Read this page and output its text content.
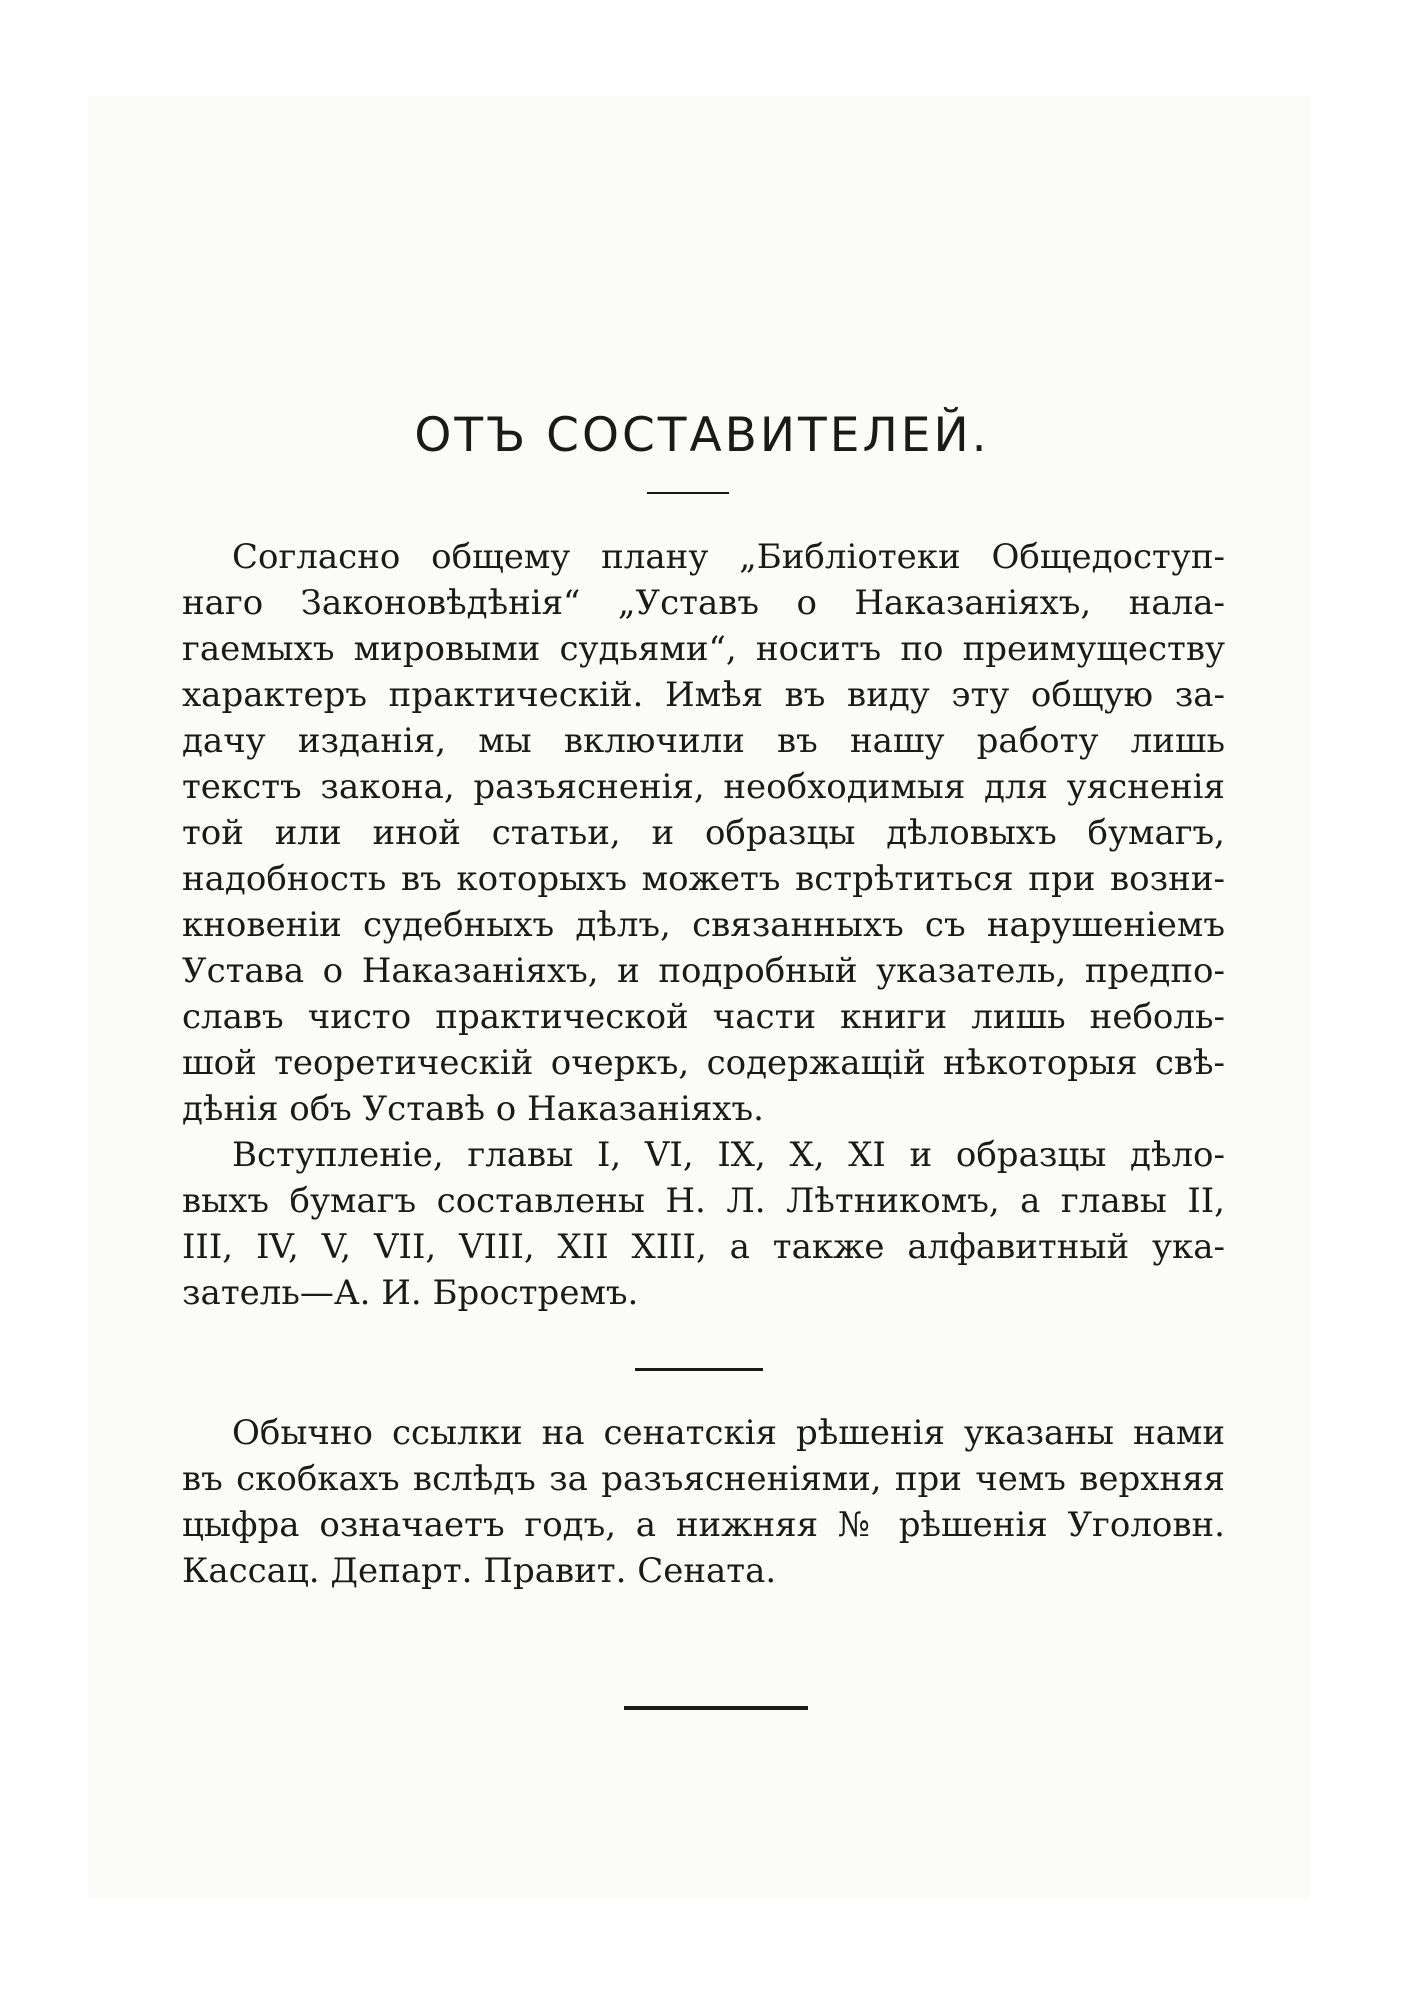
ОТЪ СОСТАВИТЕЛЕЙ.
Согласно общему плану „Библіотеки Общедоступ-
наго Законовѣдѣнія“ „Уставъ о Наказаніяхъ, нала-
гаемыхъ мировыми судьями“, носитъ по преимуществу
характеръ практическій. Имѣя въ виду эту общую за-
дачу изданія, мы включили въ нашу работу лишь
текстъ закона, разъясненія, необходимыя для уясненія
той или иной статьи, и образцы дѣловыхъ бумагъ,
надобность въ которыхъ можетъ встрѣтиться при возни-
кновеніи судебныхъ дѣлъ, связанныхъ съ нарушеніемъ
Устава о Наказаніяхъ, и подробный указатель, предпо-
славъ чисто практической части книги лишь неболь-
шой теоретическій очеркъ, содержащій нѣкоторыя свѣ-
дѣнія объ Уставѣ о Наказаніяхъ.
Вступленіе, главы I, VI, IX, X, XI и образцы дѣло-
выхъ бумагъ составлены Н. Л. Лѣтникомъ, а главы II,
III, IV, V, VII, VIII, XII XIII, а также алфавитный ука-
затель—А. И. Бростремъ.
Обычно ссылки на сенатскія рѣшенія указаны нами
въ скобкахъ вслѣдъ за разъясненіями, при чемъ верхняя
цыфра означаетъ годъ, а нижняя № рѣшенія Уголовн.
Кассац. Департ. Правит. Сената.
